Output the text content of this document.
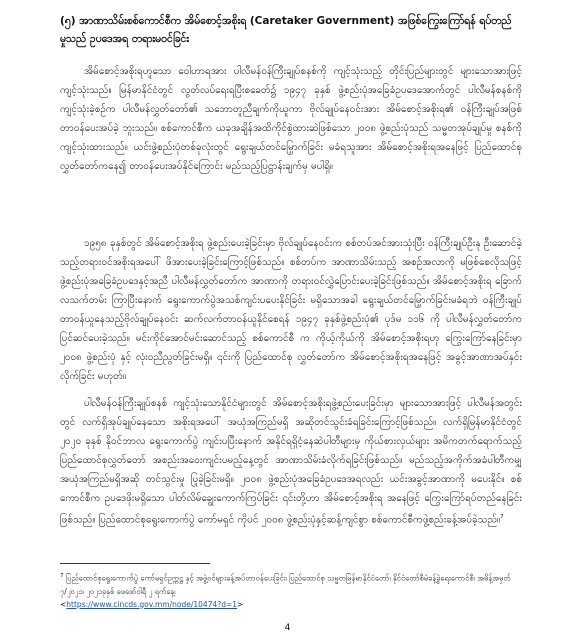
(၅) အာဏာသိမ်းစစ်ကောင်စီက အိမ်စောင့်အစိုးရ (Caretaker Government) အဖြစ်ကြွေးကြော်ရန် ရပ်တည်မှုသည် ဥပဒေအရ တရားမဝင်ခြင်း

အိမ်စောင့်အစိုးရဟူသော ဝေါဟာရအား ပါလီမန်ဝန်ကြီးချုပ်စနစ်ကို ကျင့်သုံးသည့် တိုင်းပြည်များတွင် များသောအားဖြင့် ကျင့်သုံးသည်။ မြန်မာနိုင်ငံတွင် လွတ်လပ်ရေးရပြီးစခေတ်၌ ၁၉၄၇ ခုနှစ် ဖွဲ့စည်းပုံအခြေခံဥပဒေအောက်တွင် ပါလီမန်စနစ်ကို ကျင့်သုံးခဲ့စဉ်က ပါလီမန်လွှတ်တော်၏ သဘောတူညီချက်ကိုယူကာ ဗိုလ်ချုပ်နေဝင်းအား အိမ်စောင့်အစိုးရ၏ ဝန်ကြီးချုပ်အဖြစ် တာဝန်ပေးအပ်ခဲ့ ဘူးသည်။ စစ်ကောင်စီက ယခုအချိန်အထိကိုင်စွဲထားဆဲဖြစ်သော ၂၀၀၈ ဖွဲ့စည်းပုံသည် သမ္မတအုပ်ချုပ်မှု စနစ်ကို ကျင့်သုံးထားသည်။ ယင်းဖွဲ့စည်းပုံတစ်ခုလုံးတွင် ရွေးချယ်တင်မြှောက်ခြင်း မခံရသူအား အိမ်စောင့်အစိုးရအနေဖြင့် ပြည်ထောင်စုလွှတ်တော်ကနေ၍ တာဝန်ပေးအပ်နိုင်ကြောင်း မည်သည့်ပြဋ္ဌာန်းချက်မှ မပါရှိ။

၁၉၅၈ ခုနှစ်တွင် အိမ်စောင့်အစိုးရ ဖွဲ့စည်းပေးခဲ့ခြင်းမှာ ဗိုလ်ချုပ်နေဝင်းက စစ်တပ်အင်အားသုံးပြီး ဝန်ကြီးချုပ်ဦးနု ဦးဆောင်ခဲ့သည့်တရားဝင်အစိုးရအပေါ် ဖိအားပေးခဲ့ခြင်းကြောင့်ဖြစ်သည်။ စစ်တပ်က အာဏာသိမ်းသည့် အစဉ်အလာကို မဖြစ်စေလိုသဖြင့် ဖွဲ့စည်းပုံအခြေခံဥပဒေနှင့်အညီ ပါလီမန်လွှတ်တော်က အာဏာကို တရားဝင်လွှဲပြောင်းပေးခဲ့ခြင်းဖြစ်သည်။ အိမ်စောင့်အစိုးရ ခြောက်လသက်တမ်း ကြာပြီးနောက် ရွေးကောက်ပွဲအသစ်ကျင်းပပေးနိုင်ခြင်း မရှိသောအခါ ရွေးချယ်တင်မြှောက်ခြင်းမခံရဘဲ ဝန်ကြီးချုပ်တာဝန်ယူနေသည့်ဗိုလ်ချုပ်နေဝင်း ဆက်လက်တာဝန်ယူနိုင်စေရန် ၁၉၄၇ ခုနှစ်ဖွဲ့စည်းပုံ၏ ပုဒ်မ ၁၁၆ ကို ပါလီမန်လွှတ်တော်က ပြင်ဆင်ပေးခဲ့သည်။ မင်းကိုင်အောင်မင်းဆောင်သည့် စစ်ကောင်စီ က ကိုယ့်ကိုယ်ကို အိမ်စောင့်အစိုးရဟု ကြွေးကြော်နေခြင်းမှာ ၂၀၀၈ ဖွဲ့စည်းပုံ နှင့် လုံးဝညီညွတ်ခြင်းမရှိ။ ၎င်းကို ပြည်ထောင်စု လွှတ်တော်က အိမ်စောင့်အစိုးရအနေဖြင့် အခွင့်အာဏာအပ်နှင်းလိုက်ခြင်း မဟုတ်။

ပါလီမန်ဝန်ကြီးချုပ်စနစ် ကျင့်သုံးသောနိုင်ငံများတွင် အိမ်စောင့်အစိုးရဖွဲ့စည်းပေးခြင်းမှာ များသောအားဖြင့် ပါလီမန်အတွင်းတွင် လက်ရှိအုပ်ချုပ်နေသော အစိုးရအပေါ် အယုံအကြည်မရှိ အဆိုတင်သွင်းခံရခြင်းကြောင့်ဖြစ်သည်။ လက်ရှိမြန်မာနိုင်ငံတွင် ၂၀၂၀ ခုနှစ် နိုဝင်ဘာလ ရွေးကောက်ပွဲ ကျင်းပပြီးနောက် အနိုင်ရရှိငံ့နေဆဲပါတီများမှ ကိုယ်စားလှယ်များ အမိကတက်ရောက်သည့် ပြည်ထောင်စုလွှတ်တော် အစည်းအဝေးကျင်းပမည့်နေ့တွင် အာဏာသိမ်းခံလိုက်ရခြင်းဖြစ်သည်။ မည်သည့်အကိုက်အခံပါတီကမျှ အယုံအကြည်မရှိအဆို တင်သွင်းမှု ပြုခဲ့ခြင်းမရှိ။ ၂၀၀၈ ဖွဲ့စည်းပုံအခြေခံဥပဒေအရလည်း ယင်းအခွင့်အာဏာကို မပေးနိုင်။ စစ်ကောင်စီက ဥပဒေဖိုးမရှိသော ပါတ်လိမ်ချွေးကောက်ကြပ်ခြင်း ၎င်းတို့ဟာ အိမ်စောင့်အစိုးရ အနေဖြင့် ကြွေးကြော်ရပ်တည်နေခြင်းဖြစ်သည်။ ပြည်ထောင်စုရွေးကောက်ပွဲ ကော်မရှင် ကိုပင် ၂၀၀၈ ဖွဲ့စည်းပုံနှင့်ဆန့်ကျင်စွာ စစ်ကောင်စီကဖွဲ့စည်းခန့်အပ်ခဲ့သည်။$^7$

$^7$ ပြည်ထောင်စုရွေးကောက်ပွဲ ကော်မရှင်ဥက္ကဋ္ဌ နှင့် အဖွဲ့ဝင်များခန့်အပ်တာဝန်ပေးခြင်း၊ ပြည်ထောင်စု သမ္မတမြန်မာနိုင်ငံတော်၊ နိုင်ငံတော်စီမံခန့်ခွဲရေးကောင်စီ၊ အမိန့်အမှတ် ၇/၂၀၂၁၊ ၂၀၂၁ခုနှစ် ဖေဖော်ဝါရီ ၂ ရက်နေ့၊
<https://www.cincds.gov.mm/node/10474?d=1>

4
